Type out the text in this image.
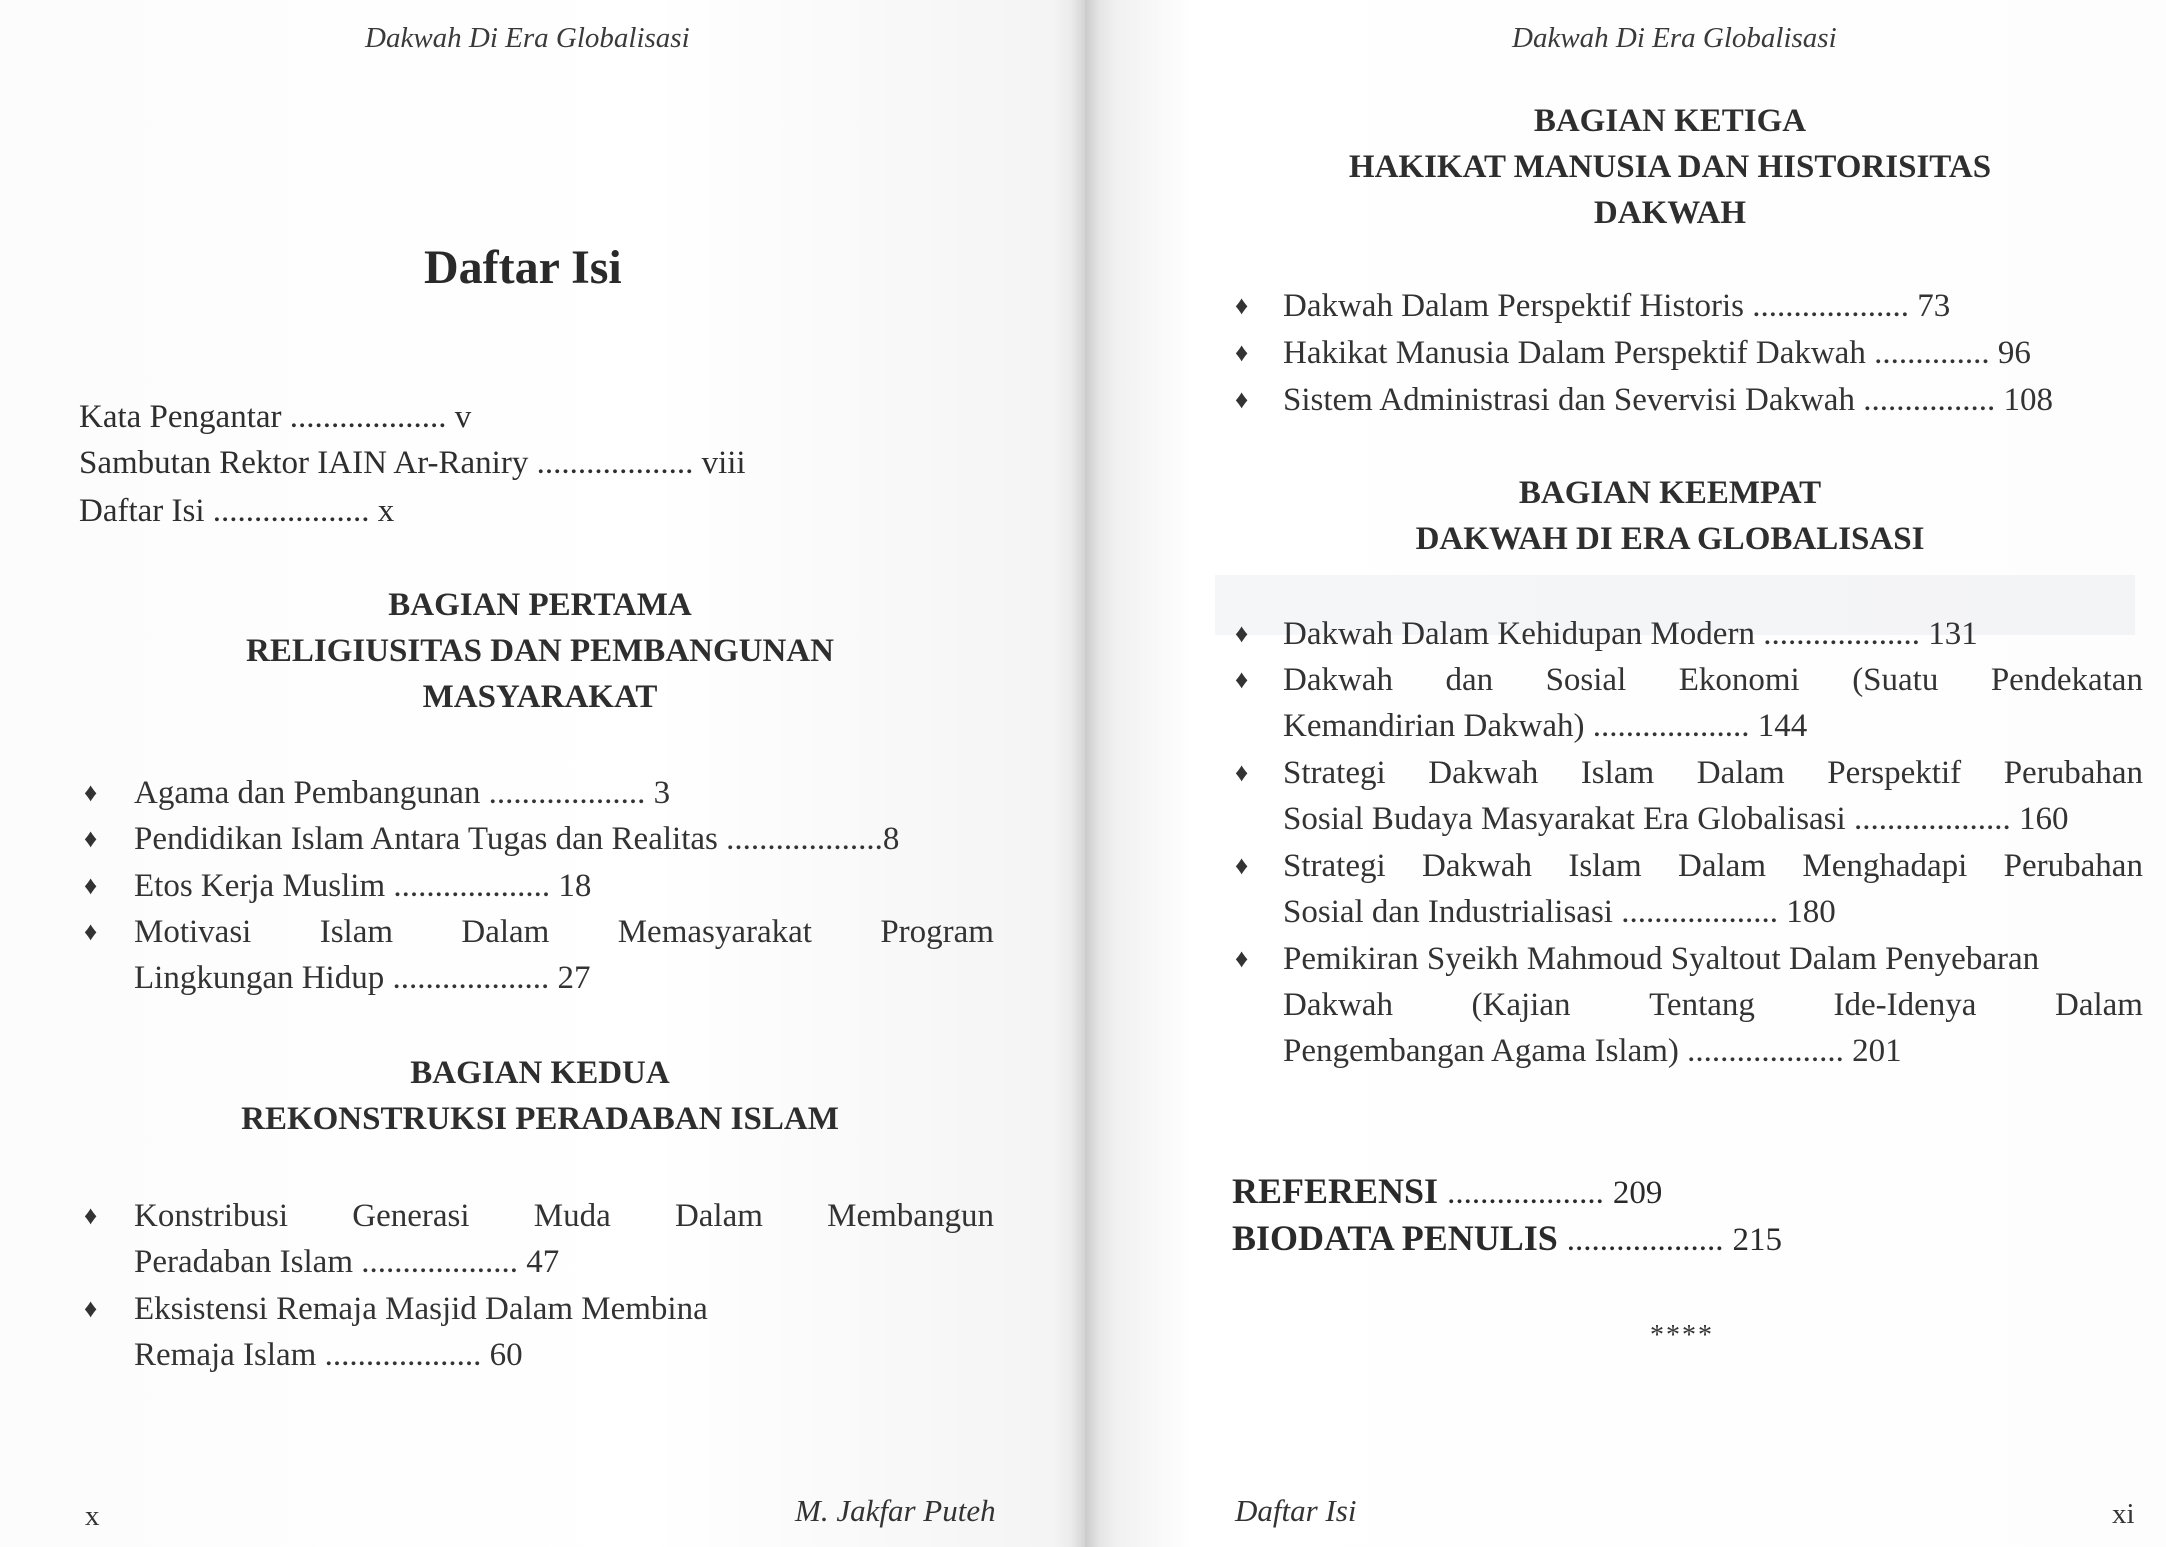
Dakwah Di Era Globalisasi
Daftar Isi
Kata Pengantar ................... v
Sambutan Rektor IAIN Ar-Raniry ................... viii
Daftar Isi ................... x
BAGIAN PERTAMA
RELIGIUSITAS DAN PEMBANGUNAN
MASYARAKAT
♦ Agama dan Pembangunan ................... 3
♦ Pendidikan Islam Antara Tugas dan Realitas ...................8
♦ Etos Kerja Muslim ................... 18
♦ Motivasi Islam Dalam Memasyarakat Program
Lingkungan Hidup ................... 27
BAGIAN KEDUA
REKONSTRUKSI PERADABAN ISLAM
♦ Konstribusi Generasi Muda Dalam Membangun
Peradaban Islam ................... 47
♦ Eksistensi Remaja Masjid Dalam Membina
Remaja Islam ................... 60
x	M. Jakfar Puteh
Dakwah Di Era Globalisasi
BAGIAN KETIGA
HAKIKAT MANUSIA DAN HISTORISITAS
DAKWAH
♦ Dakwah Dalam Perspektif Historis ................... 73
♦ Hakikat Manusia Dalam Perspektif Dakwah .............. 96
♦ Sistem Administrasi dan Severvisi Dakwah ................ 108
BAGIAN KEEMPAT
DAKWAH DI ERA GLOBALISASI
♦ Dakwah Dalam Kehidupan Modern ................... 131
♦ Dakwah dan Sosial Ekonomi (Suatu Pendekatan
Kemandirian Dakwah) ................... 144
♦ Strategi Dakwah Islam Dalam Perspektif Perubahan
Sosial Budaya Masyarakat Era Globalisasi ................... 160
♦ Strategi Dakwah Islam Dalam Menghadapi Perubahan
Sosial dan Industrialisasi ................... 180
♦ Pemikiran Syeikh Mahmoud Syaltout Dalam Penyebaran
Dakwah (Kajian Tentang Ide-Idenya Dalam
Pengembangan Agama Islam) ................... 201
REFERENSI ................... 209
BIODATA PENULIS ................... 215
****
Daftar Isi	xi
